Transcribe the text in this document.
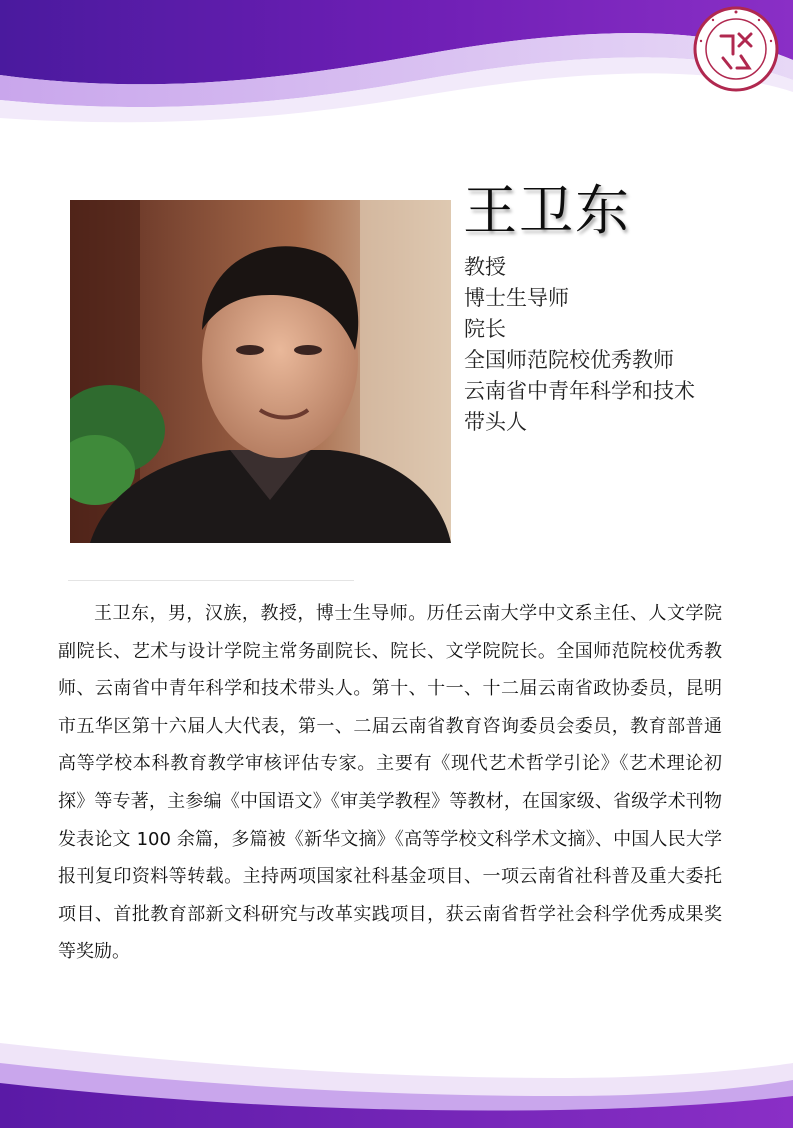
王卫东
教授
博士生导师
院长
全国师范院校优秀教师
云南省中青年科学和技术
带头人

王卫东，男，汉族，教授，博士生导师。历任云南大学中文系主任、人文学院副院长、艺术与设计学院主常务副院长、院长、文学院院长。全国师范院校优秀教师、云南省中青年科学和技术带头人。第十、十一、十二届云南省政协委员，昆明市五华区第十六届人大代表，第一、二届云南省教育咨询委员会委员，教育部普通高等学校本科教育教学审核评估专家。主要有《现代艺术哲学引论》《艺术理论初探》等专著，主参编《中国语文》《审美学教程》等教材，在国家级、省级学术刊物发表论文 100 余篇，多篇被《新华文摘》《高等学校文科学术文摘》、中国人民大学报刊复印资料等转载。主持两项国家社科基金项目、一项云南省社科普及重大委托项目、首批教育部新文科研究与改革实践项目，获云南省哲学社会科学优秀成果奖等奖励。
